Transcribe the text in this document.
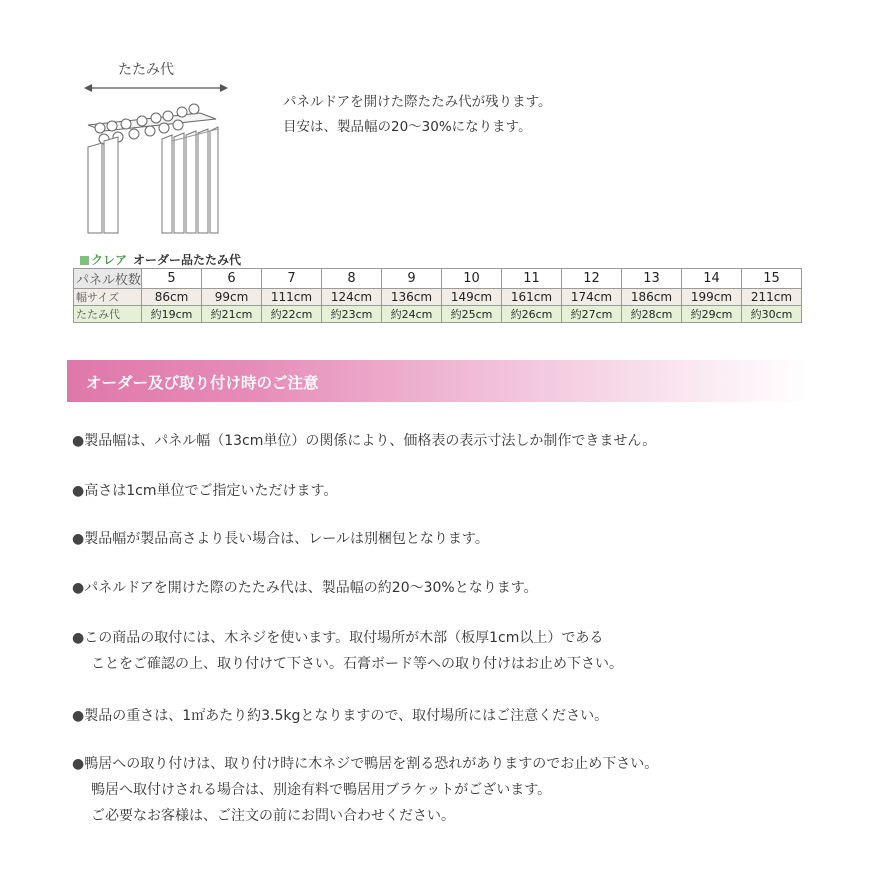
たたみ代
パネルドアを開けた際たたみ代が残ります。
目安は、製品幅の20～30%になります。
クレア オーダー品たたみ代
パネル枚数	5	6	7	8	9	10	11	12	13	14	15
幅サイズ	86cm	99cm	111cm	124cm	136cm	149cm	161cm	174cm	186cm	199cm	211cm
たたみ代	約19cm	約21cm	約22cm	約23cm	約24cm	約25cm	約26cm	約27cm	約28cm	約29cm	約30cm
オーダー及び取り付け時のご注意
●製品幅は、パネル幅（13cm単位）の関係により、価格表の表示寸法しか制作できません。
●高さは1cm単位でご指定いただけます。
●製品幅が製品高さより長い場合は、レールは別梱包となります。
●パネルドアを開けた際のたたみ代は、製品幅の約20～30%となります。
●この商品の取付には、木ネジを使います。取付場所が木部（板厚1cm以上）である
ことをご確認の上、取り付けて下さい。石膏ボード等への取り付けはお止め下さい。
●製品の重さは、1㎡あたり約3.5kgとなりますので、取付場所にはご注意ください。
●鴨居への取り付けは、取り付け時に木ネジで鴨居を割る恐れがありますのでお止め下さい。
鴨居へ取付けされる場合は、別途有料で鴨居用ブラケットがございます。
ご必要なお客様は、ご注文の前にお問い合わせください。
